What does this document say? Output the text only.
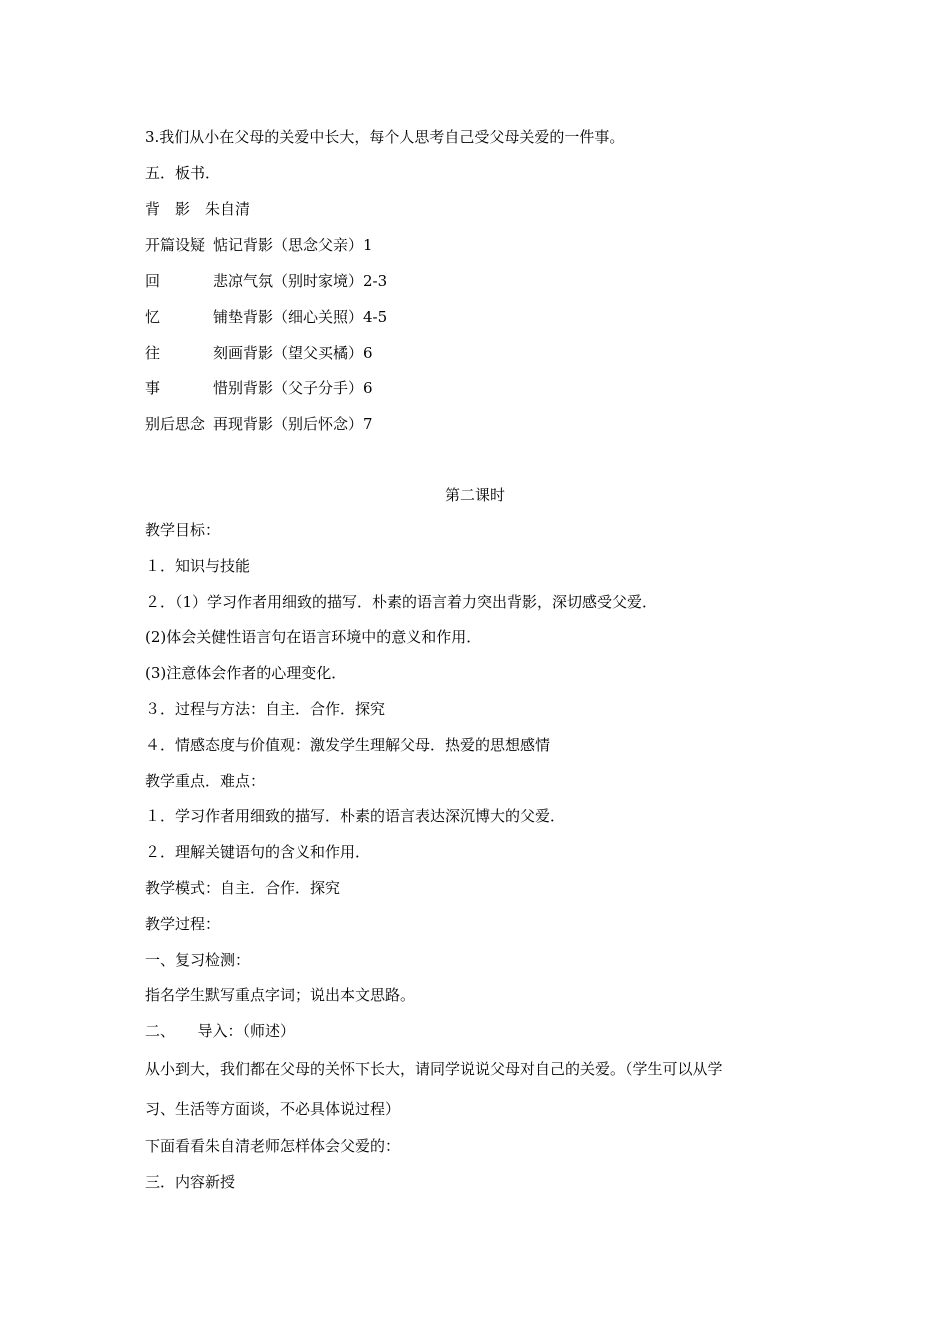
3.我们从小在父母的关爱中长大，每个人思考自己受父母关爱的一件事。
五．板书．
背　影　朱自清
开篇设疑 惦记背影（思念父亲）1
回	悲凉气氛（别时家境）2-3
忆	铺垫背影（细心关照）4-5
往	刻画背影（望父买橘）6
事	惜别背影（父子分手）6
别后思念 再现背影（别后怀念）7
第二课时
教学目标：
１．知识与技能
２．（1）学习作者用细致的描写．朴素的语言着力突出背影，深切感受父爱．
(2)体会关健性语言句在语言环境中的意义和作用．
(3)注意体会作者的心理变化．
３．过程与方法：自主．合作．探究
４．情感态度与价值观：激发学生理解父母．热爱的思想感情
教学重点．难点：
１．学习作者用细致的描写．朴素的语言表达深沉博大的父爱．
２．理解关键语句的含义和作用．
教学模式：自主．合作．探究
教学过程：
一、复习检测：
指名学生默写重点字词；说出本文思路。
二、　　导入：（师述）
从小到大，我们都在父母的关怀下长大，请同学说说父母对自己的关爱。（学生可以从学
习、生活等方面谈，不必具体说过程）
下面看看朱自清老师怎样体会父爱的：
三．内容新授
